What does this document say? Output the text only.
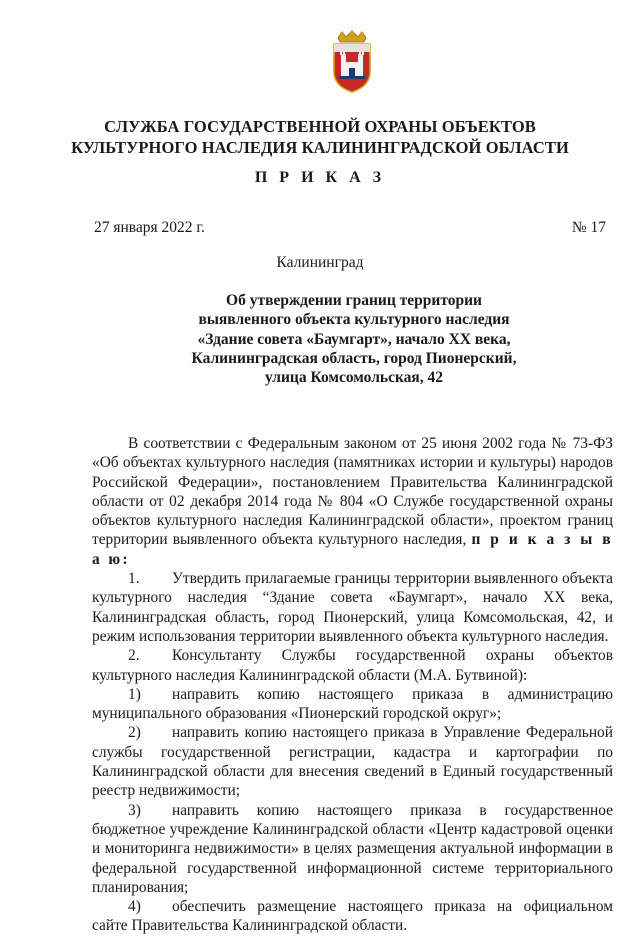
СЛУЖБА ГОСУДАРСТВЕННОЙ ОХРАНЫ ОБЪЕКТОВ
КУЛЬТУРНОГО НАСЛЕДИЯ КАЛИНИНГРАДСКОЙ ОБЛАСТИ
П Р И К А З
27 января 2022 г.	№ 17
Калининград
Об утверждении границ территории
выявленного объекта культурного наследия
«Здание совета «Баумгарт», начало XX века,
Калининградская область, город Пионерский,
улица Комсомольская, 42

В соответствии с Федеральным законом от 25 июня 2002 года № 73-ФЗ «Об объектах культурного наследия (памятниках истории и культуры) народов Российской Федерации», постановлением Правительства Калининградской области от 02 декабря 2014 года № 804 «О Службе государственной охраны объектов культурного наследия Калининградской области», проектом границ территории выявленного объекта культурного наследия, п р и к а з ы в а ю:

1. Утвердить прилагаемые границы территории выявленного объекта культурного наследия “Здание совета «Баумгарт», начало XX века, Калининградская область, город Пионерский, улица Комсомольская, 42, и режим использования территории выявленного объекта культурного наследия.

2. Консультанту Службы государственной охраны объектов культурного наследия Калининградской области (М.А. Бутвиной):

1) направить копию настоящего приказа в администрацию муниципального образования «Пионерский городской округ»;

2) направить копию настоящего приказа в Управление Федеральной службы государственной регистрации, кадастра и картографии по Калининградской области для внесения сведений в Единый государственный реестр недвижимости;

3) направить копию настоящего приказа в государственное бюджетное учреждение Калининградской области «Центр кадастровой оценки и мониторинга недвижимости» в целях размещения актуальной информации в федеральной государственной информационной системе территориального планирования;

4) обеспечить размещение настоящего приказа на официальном сайте Правительства Калининградской области.
